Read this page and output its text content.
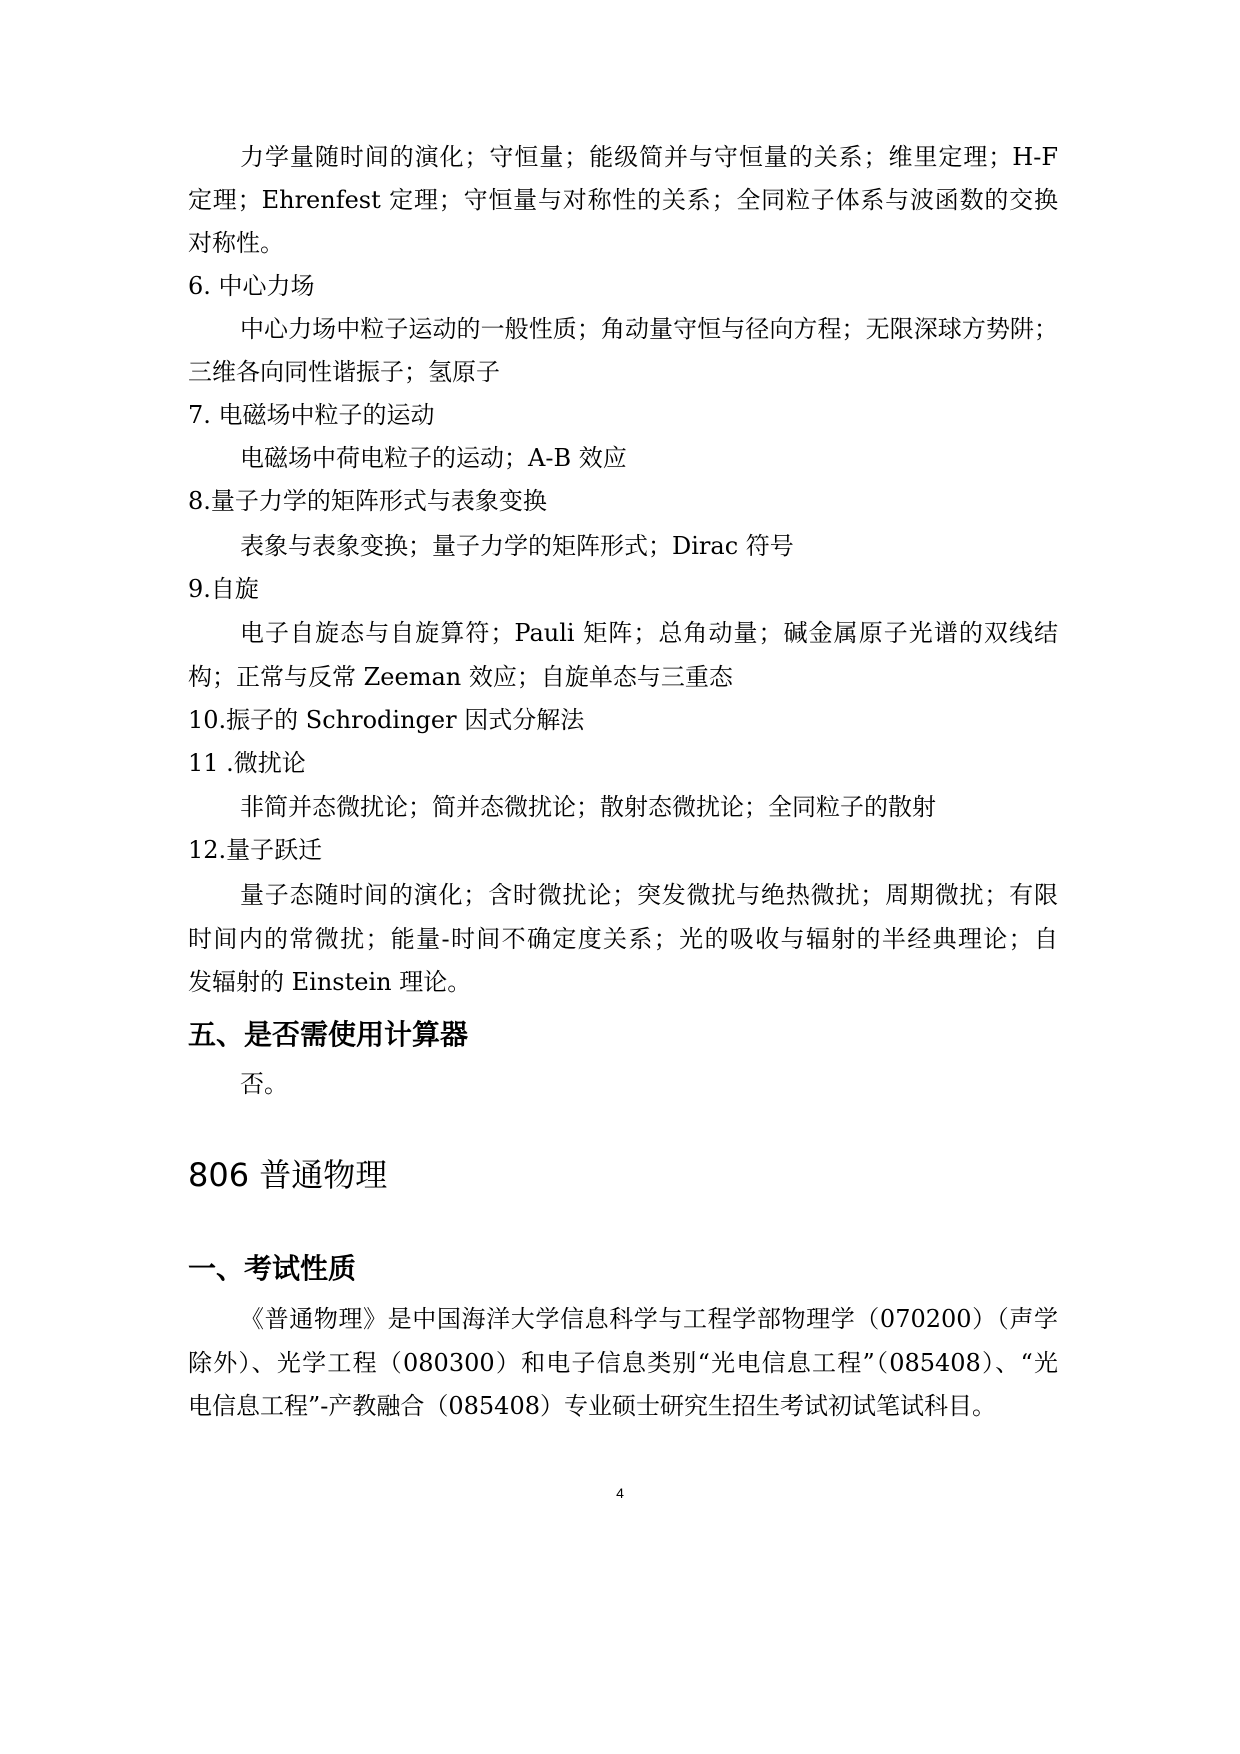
力学量随时间的演化；守恒量；能级简并与守恒量的关系；维里定理；H-F
定理；Ehrenfest 定理；守恒量与对称性的关系；全同粒子体系与波函数的交换
对称性。
6. 中心力场
中心力场中粒子运动的一般性质；角动量守恒与径向方程；无限深球方势阱；
三维各向同性谐振子；氢原子
7. 电磁场中粒子的运动
电磁场中荷电粒子的运动；A-B 效应
8.量子力学的矩阵形式与表象变换
表象与表象变换；量子力学的矩阵形式；Dirac 符号
9.自旋
电子自旋态与自旋算符；Pauli 矩阵；总角动量；碱金属原子光谱的双线结
构；正常与反常 Zeeman 效应；自旋单态与三重态
10.振子的 Schrodinger 因式分解法
11 .微扰论
非简并态微扰论；简并态微扰论；散射态微扰论；全同粒子的散射
12.量子跃迁
量子态随时间的演化；含时微扰论；突发微扰与绝热微扰；周期微扰；有限
时间内的常微扰；能量-时间不确定度关系；光的吸收与辐射的半经典理论；自
发辐射的 Einstein 理论。
五、是否需使用计算器
否。
806 普通物理
一、考试性质
《普通物理》是中国海洋大学信息科学与工程学部物理学（070200）（声学
除外）、光学工程（080300）和电子信息类别“光电信息工程”（085408）、“光
电信息工程”-产教融合（085408）专业硕士研究生招生考试初试笔试科目。
4
